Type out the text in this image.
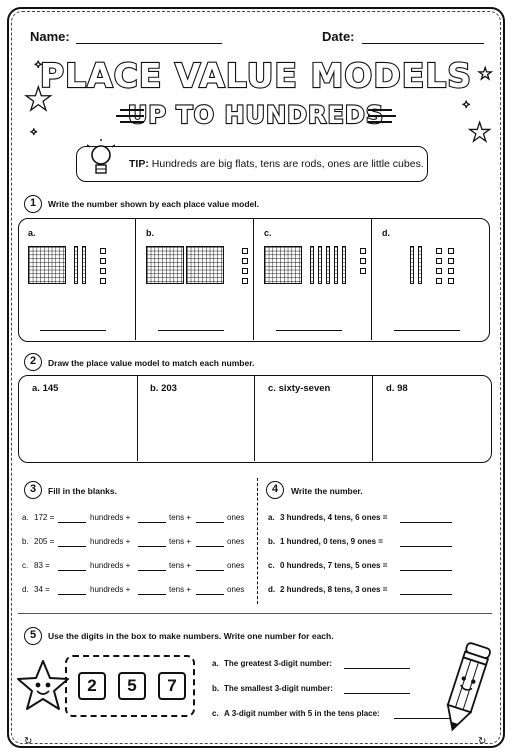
Name:	Date:
PLACE VALUE MODELS
UP TO HUNDREDS
★
★
★
✦
✦
✦
TIP: Hundreds are big flats, tens are rods, ones are little cubes.
1	Write the number shown by each place value model.
a.	b.	c.	d.
2	Draw the place value model to match each number.
a. 145	b. 203	c. sixty-seven	d. 98
3	Fill in the blanks.
a. 172 =	hundreds +	tens +	ones
b. 205 =	hundreds +	tens +	ones
c. 83 =	hundreds +	tens +	ones
d. 34 =	hundreds +	tens +	ones
4	Write the number.
a. 3 hundreds, 4 tens, 6 ones =
b. 1 hundred, 0 tens, 9 ones =
c. 0 hundreds, 7 tens, 5 ones =
d. 2 hundreds, 8 tens, 3 ones =
5	Use the digits in the box to make numbers. Write one number for each.
2	5	7
a. The greatest 3-digit number:
b. The smallest 3-digit number:
c. A 3-digit number with 5 in the tens place:
↻	↻
